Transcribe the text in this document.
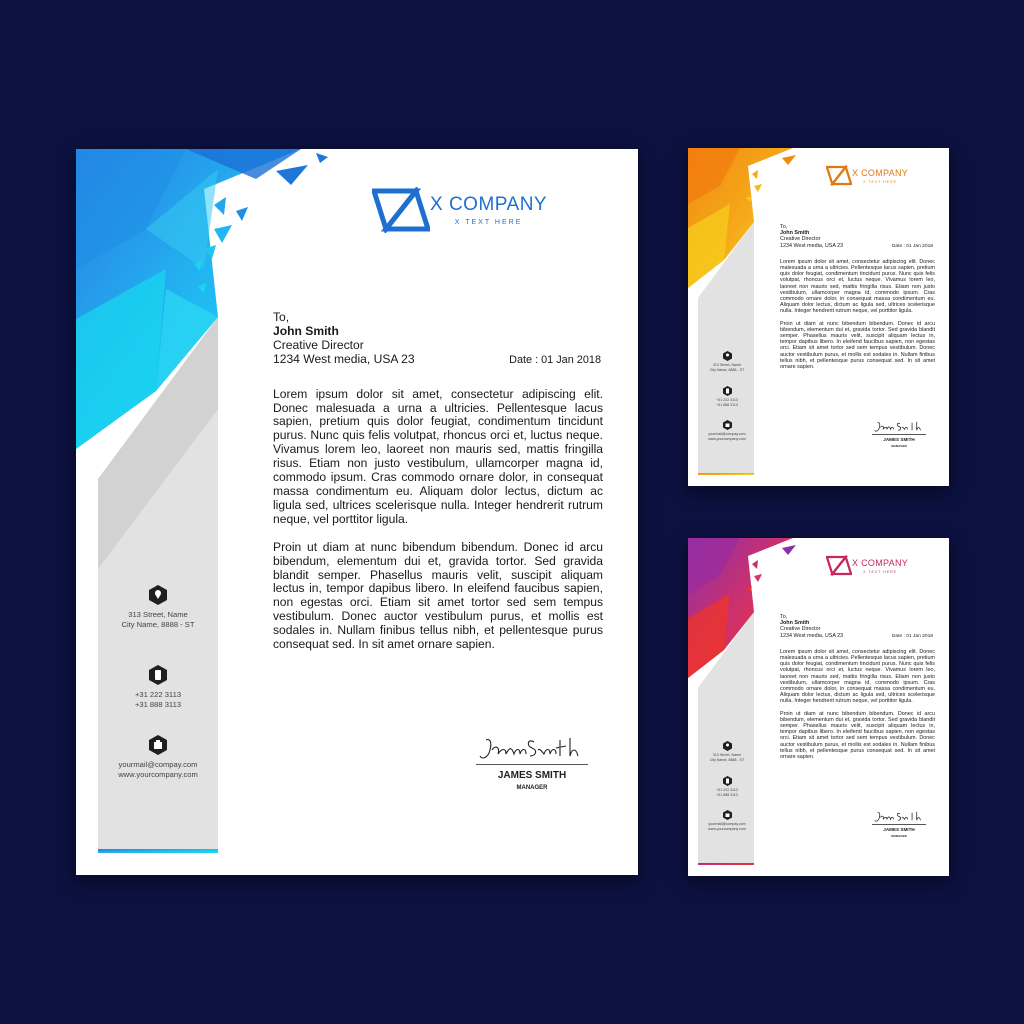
X COMPANY
X TEXT HERE
To,
John Smith
Creative Director
1234 West media, USA 23	Date : 01 Jan 2018

Lorem ipsum dolor sit amet, consectetur adipiscing elit. Donec malesuada a urna a ultricies. Pellentesque lacus sapien, pretium quis dolor feugiat, condimentum tincidunt purus. Nunc quis felis volutpat, rhoncus orci et, luctus neque. Vivamus lorem leo, laoreet non mauris sed, mattis fringilla risus. Etiam non justo vestibulum, ullamcorper magna id, commodo ipsum. Cras commodo ornare dolor, in consequat massa condimentum eu. Aliquam dolor lectus, dictum ac ligula sed, ultrices scelerisque nulla. Integer hendrerit rutrum neque, vel porttitor ligula.

Proin ut diam at nunc bibendum bibendum. Donec id arcu bibendum, elementum dui et, gravida tortor. Sed gravida blandit semper. Phasellus mauris velit, suscipit aliquam lectus in, tempor dapibus libero. In eleifend faucibus sapien, non egestas orci. Etiam sit amet tortor sed sem tempus vestibulum. Donec auctor vestibulum purus, et mollis est sodales in. Nullam finibus tellus nibh, et pellentesque purus consequat sed. In sit amet ornare sapien.

JAMES SMITH
MANAGER
313 Street, Name
City Name, 8888 - ST
+31 222 3113
+31 888 3113
yourmail@compay.com
www.yourcompany.com
X COMPANY
X TEXT HERE
To,
John Smith
Creative Director
1234 West media, USA 23	Date : 01 Jan 2018

Lorem ipsum dolor sit amet, consectetur adipiscing elit. Donec malesuada a urna a ultricies. Pellentesque lacus sapien, pretium quis dolor feugiat, condimentum tincidunt purus. Nunc quis felis volutpat, rhoncus orci et, luctus neque. Vivamus lorem leo, laoreet non mauris sed, mattis fringilla risus. Etiam non justo vestibulum, ullamcorper magna id, commodo ipsum. Cras commodo ornare dolor, in consequat massa condimentum eu. Aliquam dolor lectus, dictum ac ligula sed, ultrices scelerisque nulla. Integer hendrerit rutrum neque, vel porttitor ligula.

Proin ut diam at nunc bibendum bibendum. Donec id arcu bibendum, elementum dui et, gravida tortor. Sed gravida blandit semper. Phasellus mauris velit, suscipit aliquam lectus in, tempor dapibus libero. In eleifend faucibus sapien, non egestas orci. Etiam sit amet tortor sed sem tempus vestibulum. Donec auctor vestibulum purus, et mollis est sodales in. Nullam finibus tellus nibh, et pellentesque purus consequat sed. In sit amet ornare sapien.

JAMES SMITH
MANAGER
313 Street, Name
City Name, 8888 - ST
+31 222 3113
+31 888 3113
yourmail@compay.com
www.yourcompany.com
X COMPANY
X TEXT HERE
To,
John Smith
Creative Director
1234 West media, USA 23	Date : 01 Jan 2018

Lorem ipsum dolor sit amet, consectetur adipiscing elit. Donec malesuada a urna a ultricies. Pellentesque lacus sapien, pretium quis dolor feugiat, condimentum tincidunt purus. Nunc quis felis volutpat, rhoncus orci et, luctus neque. Vivamus lorem leo, laoreet non mauris sed, mattis fringilla risus. Etiam non justo vestibulum, ullamcorper magna id, commodo ipsum. Cras commodo ornare dolor, in consequat massa condimentum eu. Aliquam dolor lectus, dictum ac ligula sed, ultrices scelerisque nulla. Integer hendrerit rutrum neque, vel porttitor ligula.

Proin ut diam at nunc bibendum bibendum. Donec id arcu bibendum, elementum dui et, gravida tortor. Sed gravida blandit semper. Phasellus mauris velit, suscipit aliquam lectus in, tempor dapibus libero. In eleifend faucibus sapien, non egestas orci. Etiam sit amet tortor sed sem tempus vestibulum. Donec auctor vestibulum purus, et mollis est sodales in. Nullam finibus tellus nibh, et pellentesque purus consequat sed. In sit amet ornare sapien.

JAMES SMITH
MANAGER
313 Street, Name
City Name, 8888 - ST
+31 222 3113
+31 888 3113
yourmail@compay.com
www.yourcompany.com
